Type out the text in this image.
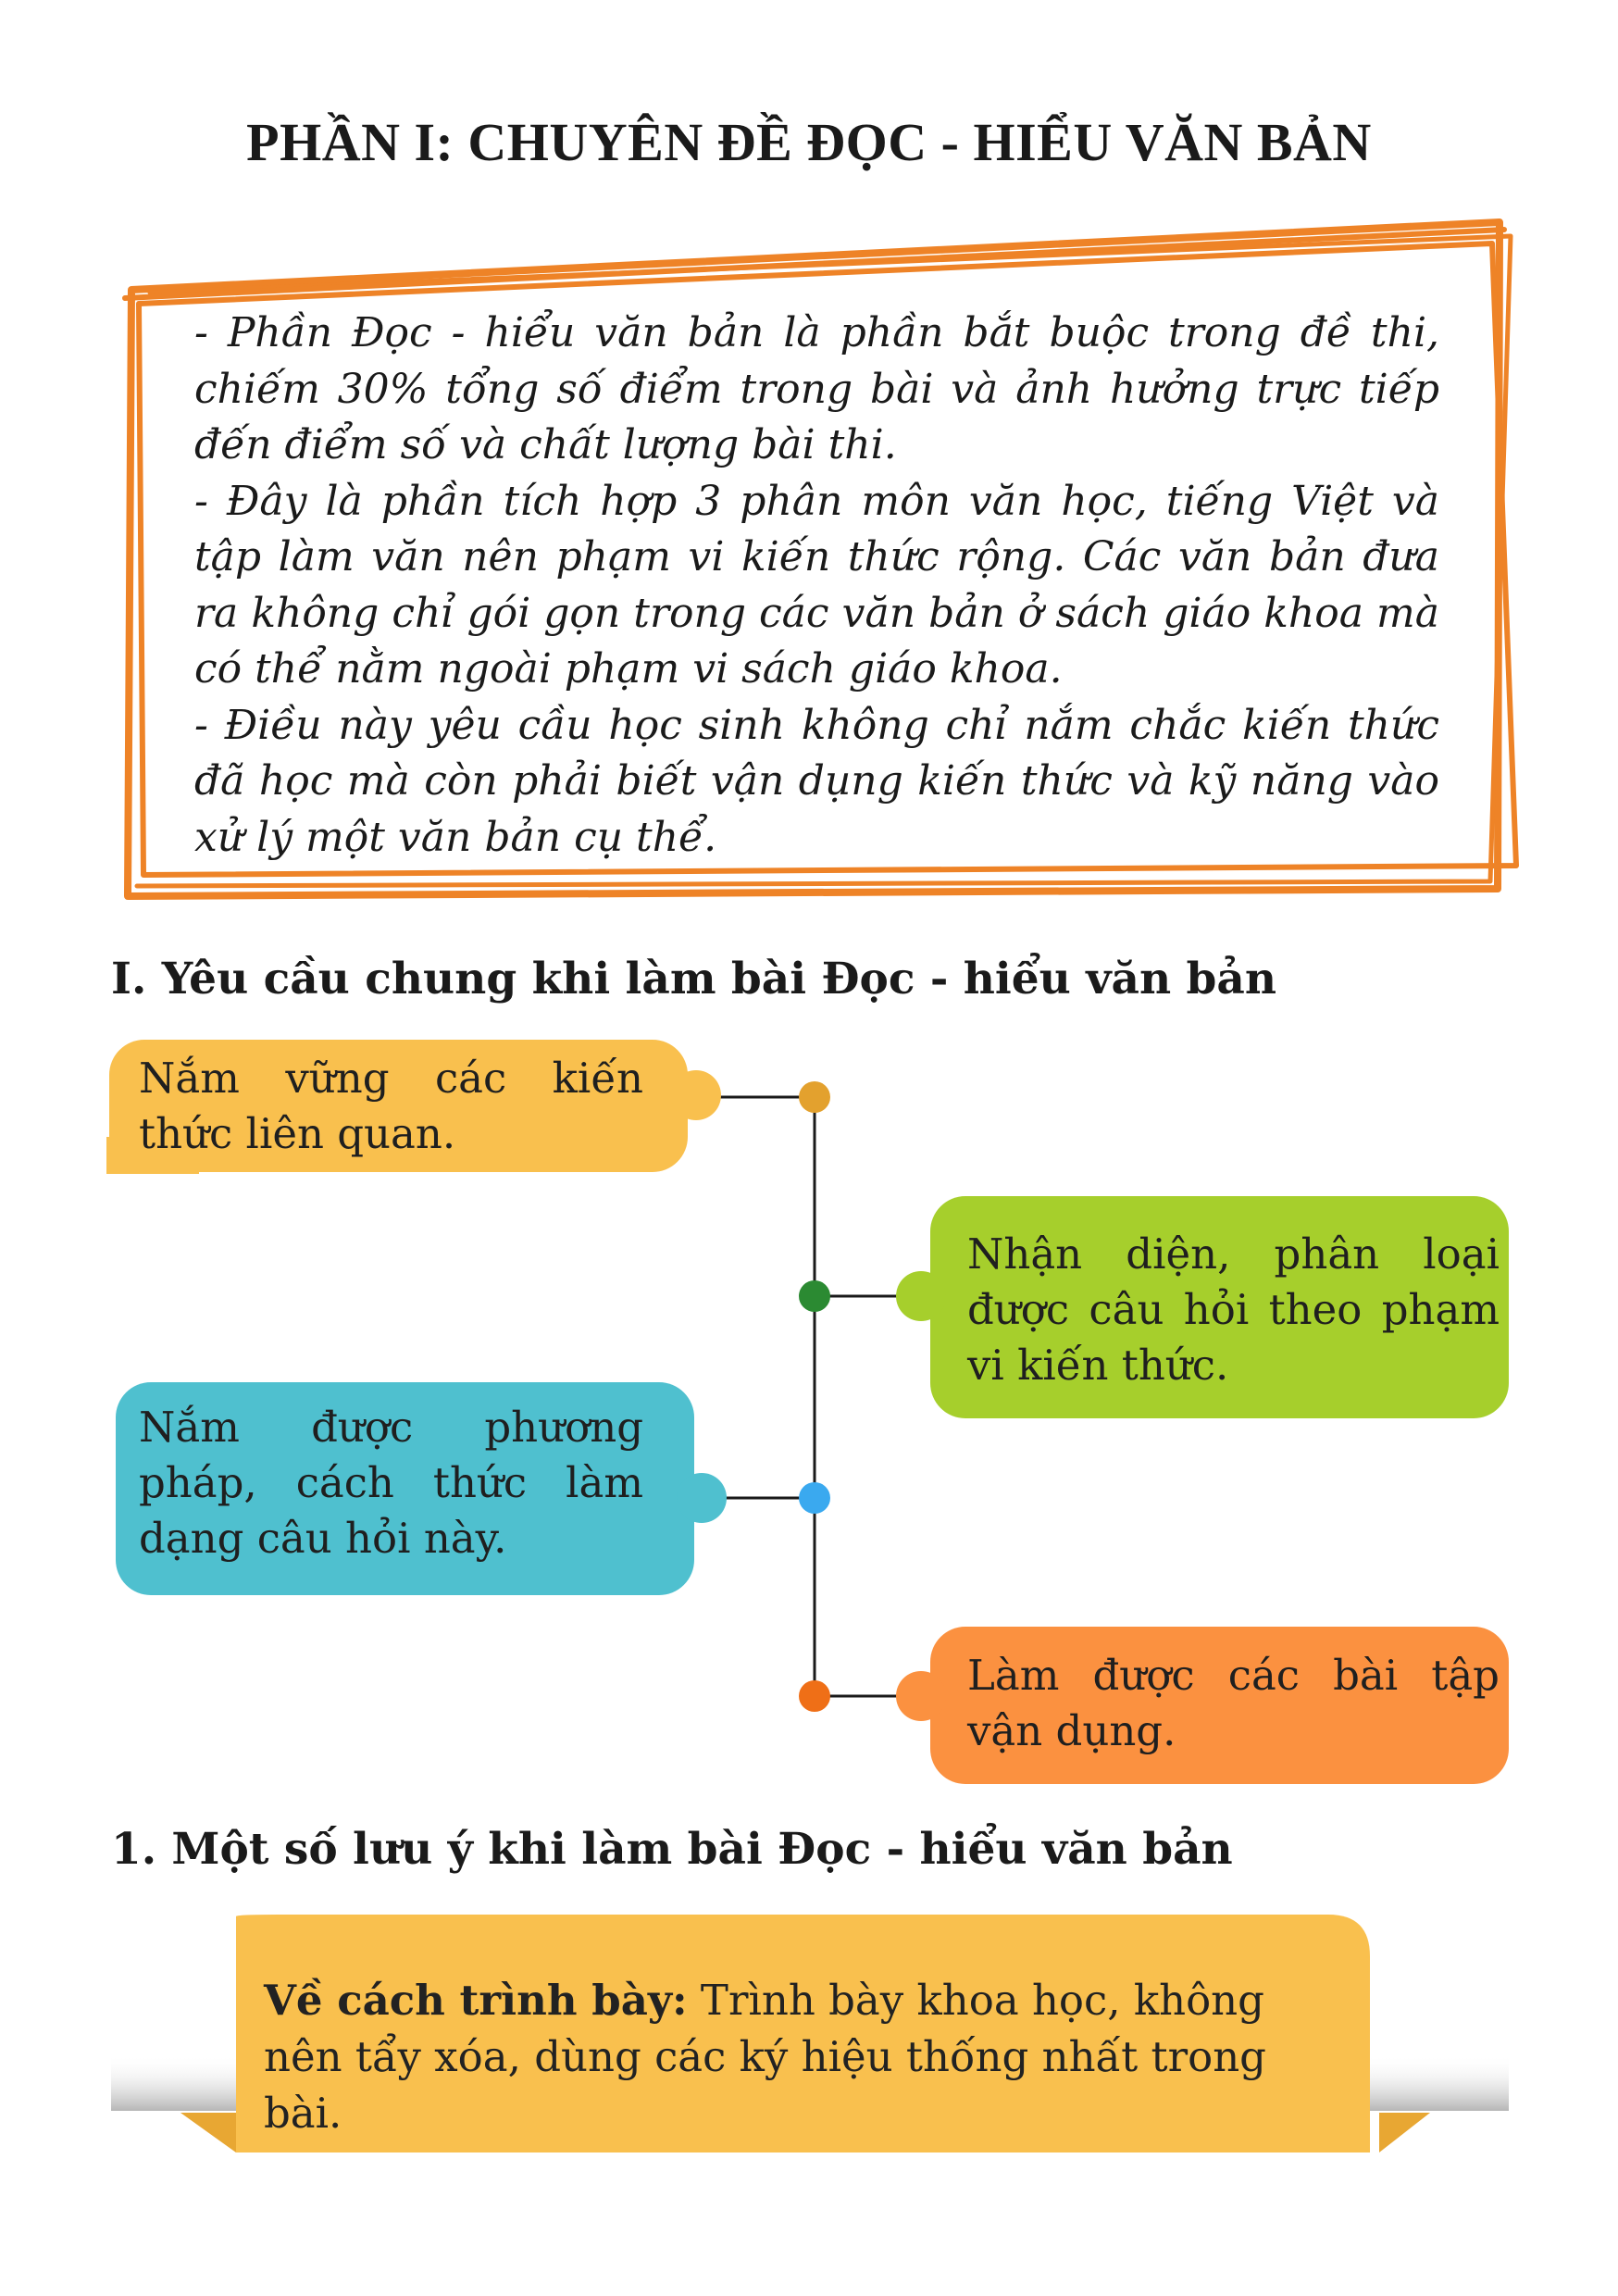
PHẦN I: CHUYÊN ĐỀ ĐỌC - HIỂU VĂN BẢN

- Phần Đọc - hiểu văn bản là phần bắt buộc trong đề thi, chiếm 30% tổng số điểm trong bài và ảnh hưởng trực tiếp đến điểm số và chất lượng bài thi.

- Đây là phần tích hợp 3 phân môn văn học, tiếng Việt và tập làm văn nên phạm vi kiến thức rộng. Các văn bản đưa ra không chỉ gói gọn trong các văn bản ở sách giáo khoa mà có thể nằm ngoài phạm vi sách giáo khoa.

- Điều này yêu cầu học sinh không chỉ nắm chắc kiến thức đã học mà còn phải biết vận dụng kiến thức và kỹ năng vào xử lý một văn bản cụ thể.

I. Yêu cầu chung khi làm bài Đọc - hiểu văn bản
Nắm vững các kiến thức liên quan.
Nhận diện, phân loại được câu hỏi theo phạm vi kiến thức.
Nắm được phương pháp, cách thức làm dạng câu hỏi này.
Làm được các bài tập vận dụng.
1. Một số lưu ý khi làm bài Đọc - hiểu văn bản
Về cách trình bày: Trình bày khoa học, không nên tẩy xóa, dùng các ký hiệu thống nhất trong bài.
